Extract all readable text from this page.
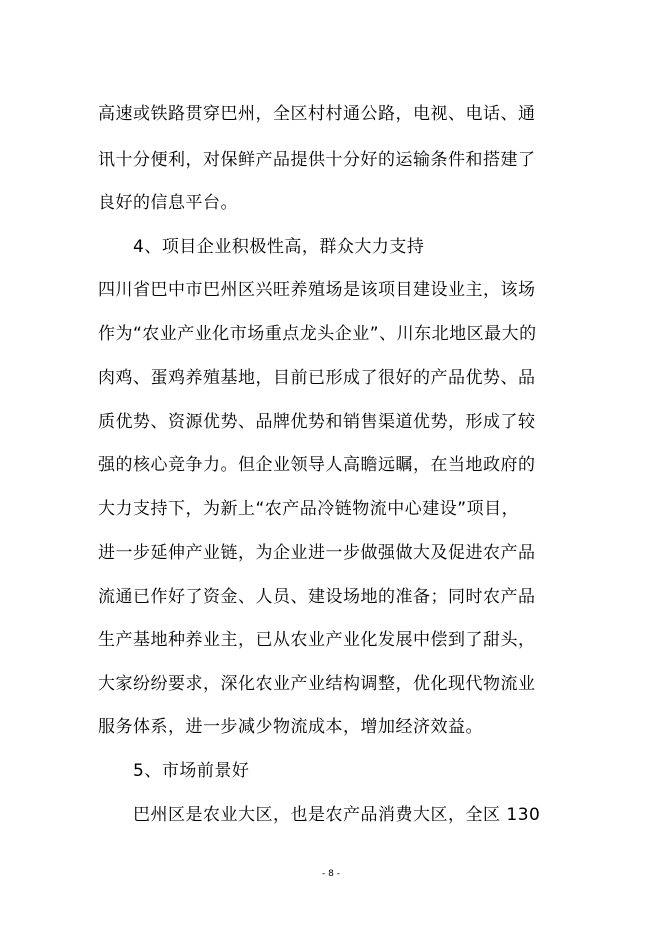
高速或铁路贯穿巴州，全区村村通公路，电视、电话、通
讯十分便利，对保鲜产品提供十分好的运输条件和搭建了
良好的信息平台。
4、项目企业积极性高，群众大力支持
四川省巴中市巴州区兴旺养殖场是该项目建设业主，该场
作为“农业产业化市场重点龙头企业”、川东北地区最大的
肉鸡、蛋鸡养殖基地，目前已形成了很好的产品优势、品
质优势、资源优势、品牌优势和销售渠道优势，形成了较
强的核心竞争力。但企业领导人高瞻远瞩，在当地政府的
大力支持下，为新上“农产品冷链物流中心建设”项目，
进一步延伸产业链，为企业进一步做强做大及促进农产品
流通已作好了资金、人员、建设场地的准备；同时农产品
生产基地种养业主，已从农业产业化发展中偿到了甜头，
大家纷纷要求，深化农业产业结构调整，优化现代物流业
服务体系，进一步减少物流成本，增加经济效益。
5、市场前景好
巴州区是农业大区，也是农产品消费大区，全区 130
- 8 -
